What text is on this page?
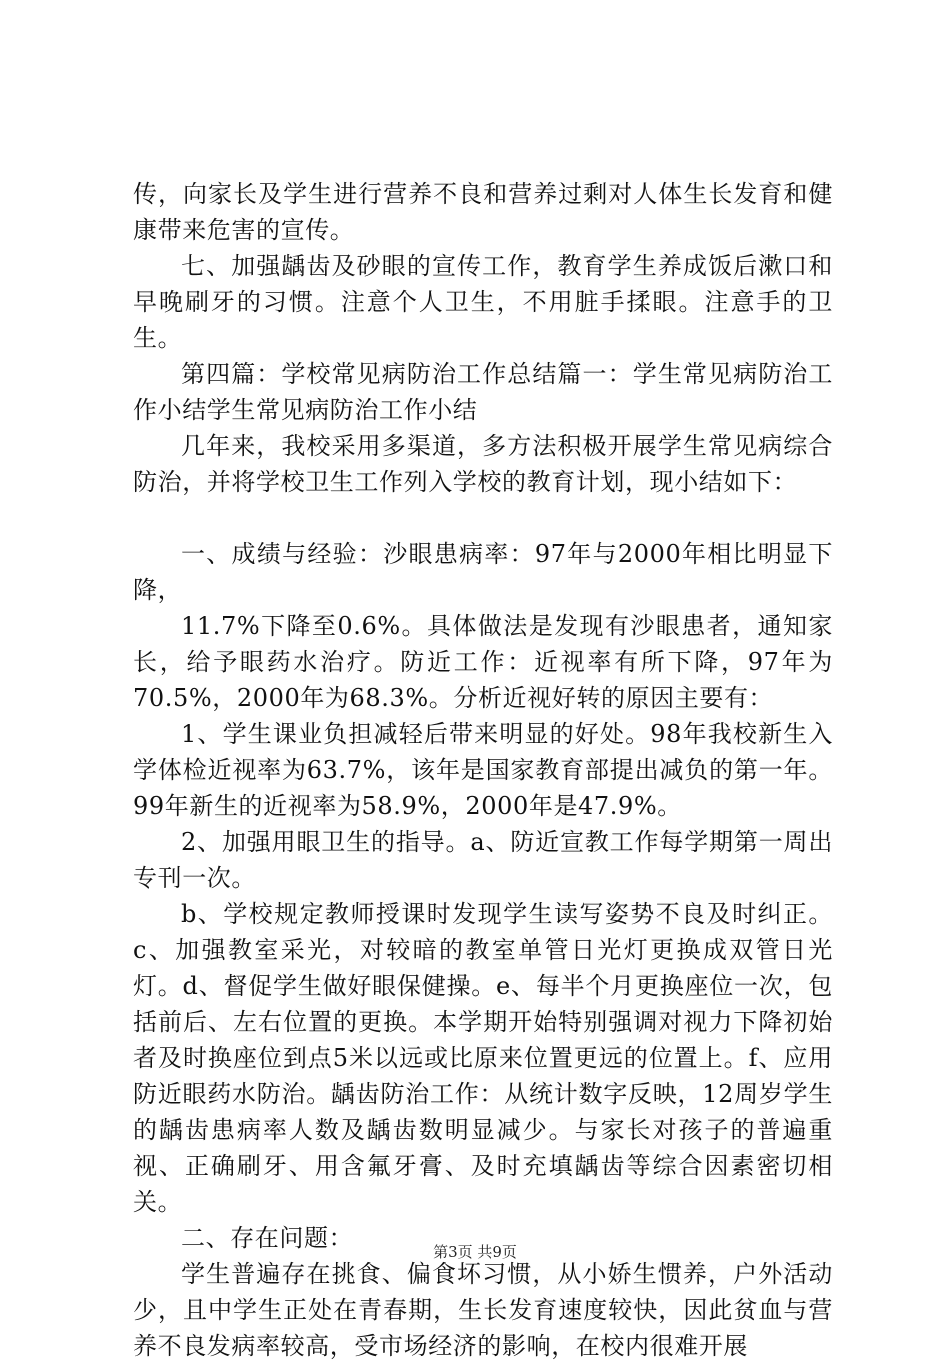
传，向家长及学生进行营养不良和营养过剩对人体生长发育和健康带来危害的宣传。

七、加强龋齿及砂眼的宣传工作，教育学生养成饭后漱口和早晚刷牙的习惯。注意个人卫生，不用脏手揉眼。注意手的卫生。

第四篇：学校常见病防治工作总结篇一：学生常见病防治工作小结学生常见病防治工作小结

几年来，我校采用多渠道，多方法积极开展学生常见病综合防治，并将学校卫生工作列入学校的教育计划，现小结如下：

一、成绩与经验：沙眼患病率：97年与2000年相比明显下降，

11.7%下降至0.6%。具体做法是发现有沙眼患者，通知家长，给予眼药水治疗。防近工作：近视率有所下降，97年为70.5%，2000年为68.3%。分析近视好转的原因主要有：

1、学生课业负担减轻后带来明显的好处。98年我校新生入学体检近视率为63.7%，该年是国家教育部提出减负的第一年。99年新生的近视率为58.9%，2000年是47.9%。

2、加强用眼卫生的指导。a、防近宣教工作每学期第一周出专刊一次。

b、学校规定教师授课时发现学生读写姿势不良及时纠正。c、加强教室采光，对较暗的教室单管日光灯更换成双管日光灯。d、督促学生做好眼保健操。e、每半个月更换座位一次，包括前后、左右位置的更换。本学期开始特别强调对视力下降初始者及时换座位到点5米以远或比原来位置更远的位置上。f、应用防近眼药水防治。龋齿防治工作：从统计数字反映，12周岁学生的龋齿患病率人数及龋齿数明显减少。与家长对孩子的普遍重视、正确刷牙、用含氟牙膏、及时充填龋齿等综合因素密切相关。

二、存在问题：

学生普遍存在挑食、偏食坏习惯，从小娇生惯养，户外活动少，且中学生正处在青春期，生长发育速度较快，因此贫血与营养不良发病率较高，受市场经济的影响，在校内很难开展

第3页 共9页
